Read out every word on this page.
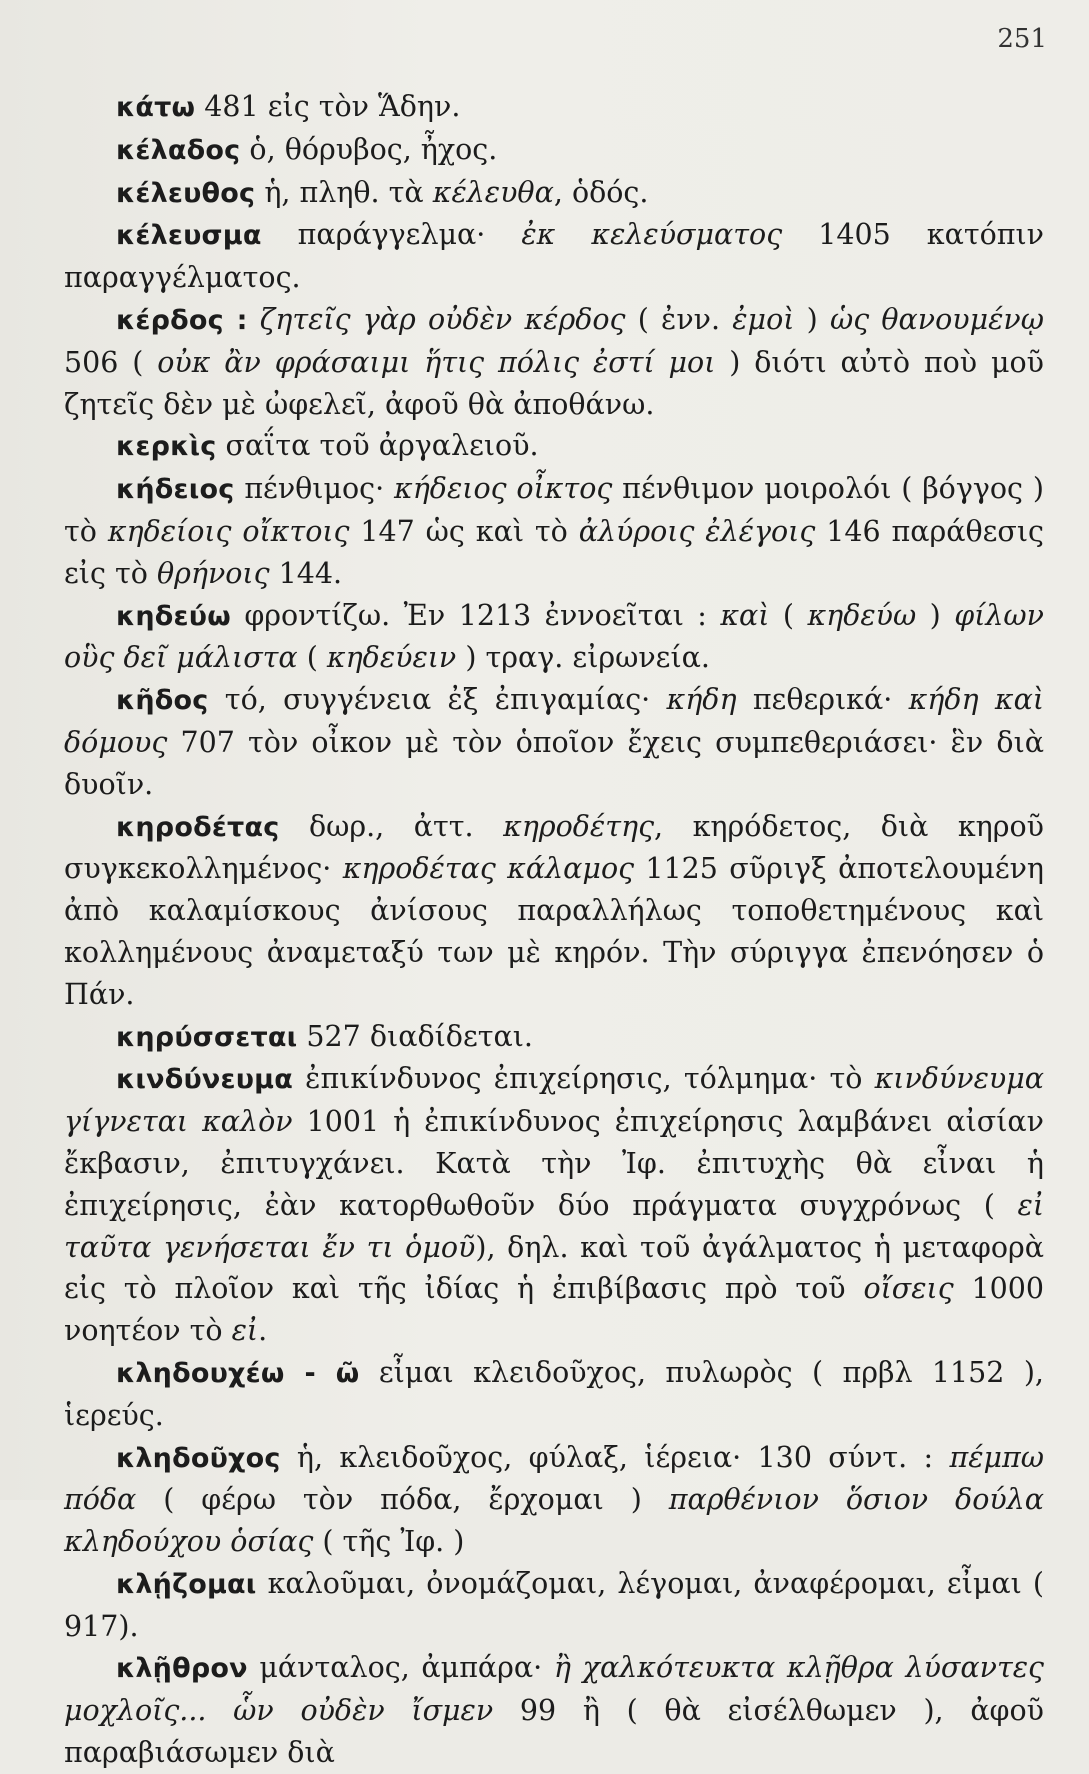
251

κάτω 481 εἰς τὸν Ἅδην.

κέλαδος ὁ, θόρυβος, ἦχος.

κέλευθος ἡ, πληθ. τὰ κέλευθα, ὁδός.

κέλευσμα παράγγελμα· ἐκ κελεύσματος 1405 κατόπιν παραγγέλματος.

κέρδος : ζητεῖς γὰρ οὐδὲν κέρδος ( ἐνν. ἐμοὶ ) ὡς θανουμένῳ 506 ( οὐκ ἂν φράσαιμι ἥτις πόλις ἐστί μοι ) διότι αὐτὸ ποὺ μοῦ ζητεῖς δὲν μὲ ὠφελεῖ, ἀφοῦ θὰ ἀποθάνω.

κερκὶς σαΐτα τοῦ ἀργαλειοῦ.

κήδειος πένθιμος· κήδειος οἶκτος πένθιμον μοιρολόι ( βόγγος ) τὸ κηδείοις οἴκτοις 147 ὡς καὶ τὸ ἀλύροις ἐλέγοις 146 παράθεσις εἰς τὸ θρήνοις 144.

κηδεύω φροντίζω. Ἐν 1213 ἐννοεῖται : καὶ ( κηδεύω ) φίλων οὓς δεῖ μάλιστα ( κηδεύειν ) τραγ. εἰρωνεία.

κῆδος τό, συγγένεια ἐξ ἐπιγαμίας· κήδη πεθερικά· κήδη καὶ δόμους 707 τὸν οἶκον μὲ τὸν ὁποῖον ἔχεις συμπεθεριάσει· ἓν διὰ δυοῖν.

κηροδέτας δωρ., ἀττ. κηροδέτης, κηρόδετος, διὰ κηροῦ συγκεκολλημένος· κηροδέτας κάλαμος 1125 σῦριγξ ἀποτελουμένη ἀπὸ καλαμίσκους ἀνίσους παραλλήλως τοποθετημένους καὶ κολλημένους ἀναμεταξύ των μὲ κηρόν. Τὴν σύριγγα ἐπενόησεν ὁ Πάν.

κηρύσσεται 527 διαδίδεται.

κινδύνευμα ἐπικίνδυνος ἐπιχείρησις, τόλμημα· τὸ κινδύνευμα γίγνεται καλὸν 1001 ἡ ἐπικίνδυνος ἐπιχείρησις λαμβάνει αἰσίαν ἔκβασιν, ἐπιτυγχάνει. Κατὰ τὴν Ἰφ. ἐπιτυχὴς θὰ εἶναι ἡ ἐπιχείρησις, ἐὰν κατορθωθοῦν δύο πράγματα συγχρόνως ( εἰ ταῦτα γενήσεται ἔν τι ὁμοῦ), δηλ. καὶ τοῦ ἀγάλματος ἡ μεταφορὰ εἰς τὸ πλοῖον καὶ τῆς ἰδίας ἡ ἐπιβίβασις πρὸ τοῦ οἴσεις 1000 νοητέον τὸ εἰ.

κληδουχέω - ῶ εἶμαι κλειδοῦχος, πυλωρὸς ( πρβλ 1152 ), ἱερεύς.

κληδοῦχος ἡ, κλειδοῦχος, φύλαξ, ἱέρεια· 130 σύντ. : πέμπω πόδα ( φέρω τὸν πόδα, ἔρχομαι ) παρθένιον ὅσιον δούλα κληδούχου ὁσίας ( τῆς Ἰφ. )

κλῄζομαι καλοῦμαι, ὀνομάζομαι, λέγομαι, ἀναφέρομαι, εἶμαι ( 917).

κλῇθρον μάνταλος, ἀμπάρα· ἢ χαλκότευκτα κλῇθρα λύσαντες μοχλοῖς... ὧν οὐδὲν ἴσμεν 99 ἢ ( θὰ εἰσέλθωμεν ), ἀφοῦ παραβιάσωμεν διὰ
